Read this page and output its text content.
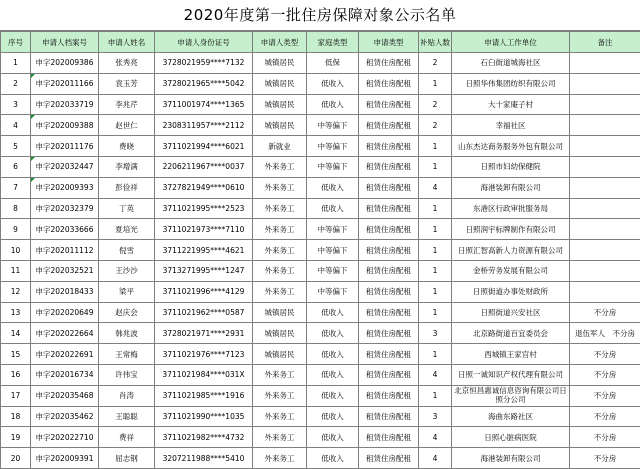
2020年度第一批住房保障对象公示名单
序号	申请人档案号	申请人姓名	申请人身份证号	申请人类型	家庭类型	申请类型	补贴人数	申请人工作单位	备注
1	申字202009386	张秀亮	3728021959****7132	城镇居民	低保	租赁住房配租	2	石臼街道城海社区	
2	申字202011166	袁玉芳	3728021965****5042	城镇居民	低收入	租赁住房配租	1	日照华伟集团纺织有限公司	
3	申字202033719	李兆芹	3711001974****1365	城镇居民	低收入	租赁住房配租	2	大十家庵子村	
4	申字202009388	赵世仁	2308311957****2112	城镇居民	中等偏下	租赁住房配租	2	幸福社区	
5	申字202011176	费晓	3711021994****6021	新就业	中等偏下	租赁住房配租	1	山东杰达商务服务外包有限公司	
6	申字202032447	李增满	2206211967****0037	外来务工	中等偏下	租赁住房配租	1	日照市妇幼保健院	
7	申字202009393	彭俭祥	3727821949****0610	外来务工	低收入	租赁住房配租	4	海港装卸有限公司	
8	申字202032379	丁英	3711021995****2523	外来务工	低收入	租赁住房配租	1	东港区行政审批服务局	
9	申字202033666	夏培光	3711021973****7110	外来务工	中等偏下	租赁住房配租	1	日照润宇标牌制作有限公司	
10	申字202011112	倪雪	3711221995****4621	外来务工	中等偏下	租赁住房配租	1	日照汇智高新人力资源有限公司	
11	申字202032521	王沙沙	3713271995****1247	外来务工	中等偏下	租赁住房配租	1	金桥劳务发展有限公司	
12	申字202018433	梁平	3711021996****4129	外来务工	中等偏下	租赁住房配租	1	日照街道办事处财政所	
13	申字202020649	赵庆会	3711021962****0587	城镇居民	低收入	租赁住房配租	1	日照街道兴安社区	不分房
14	申字202022664	韩兆波	3728021971****2931	城镇居民	低收入	租赁住房配租	3	北京路街道百宜委员会	退伍军人　不分房
15	申字202022691	王常梅	3711021976****7123	城镇居民	低收入	租赁住房配租	1	西城镇王家官村	不分房
16	申字202016734	许伟宝	3711021984****031X	外来务工	低收入	租赁住房配租	4	日照一诚知识产权代理有限公司	不分房
17	申字202035468	肖涛	3711021985****1916	外来务工	低收入	租赁住房配租	1	北京恒昌惠诚信息咨询有限公司日照分公司	不分房
18	申字202035462	王聪聪	3711021990****1035	外来务工	低收入	租赁住房配租	3	海曲东路社区	不分房
19	申字202022710	费祥	3711021982****4732	外来务工	低收入	租赁住房配租	4	日照心脏病医院	不分房
20	申字202009391	屈志钢	3207211988****5410	外来务工	低收入	租赁住房配租	4	海港装卸有限公司	不分房
